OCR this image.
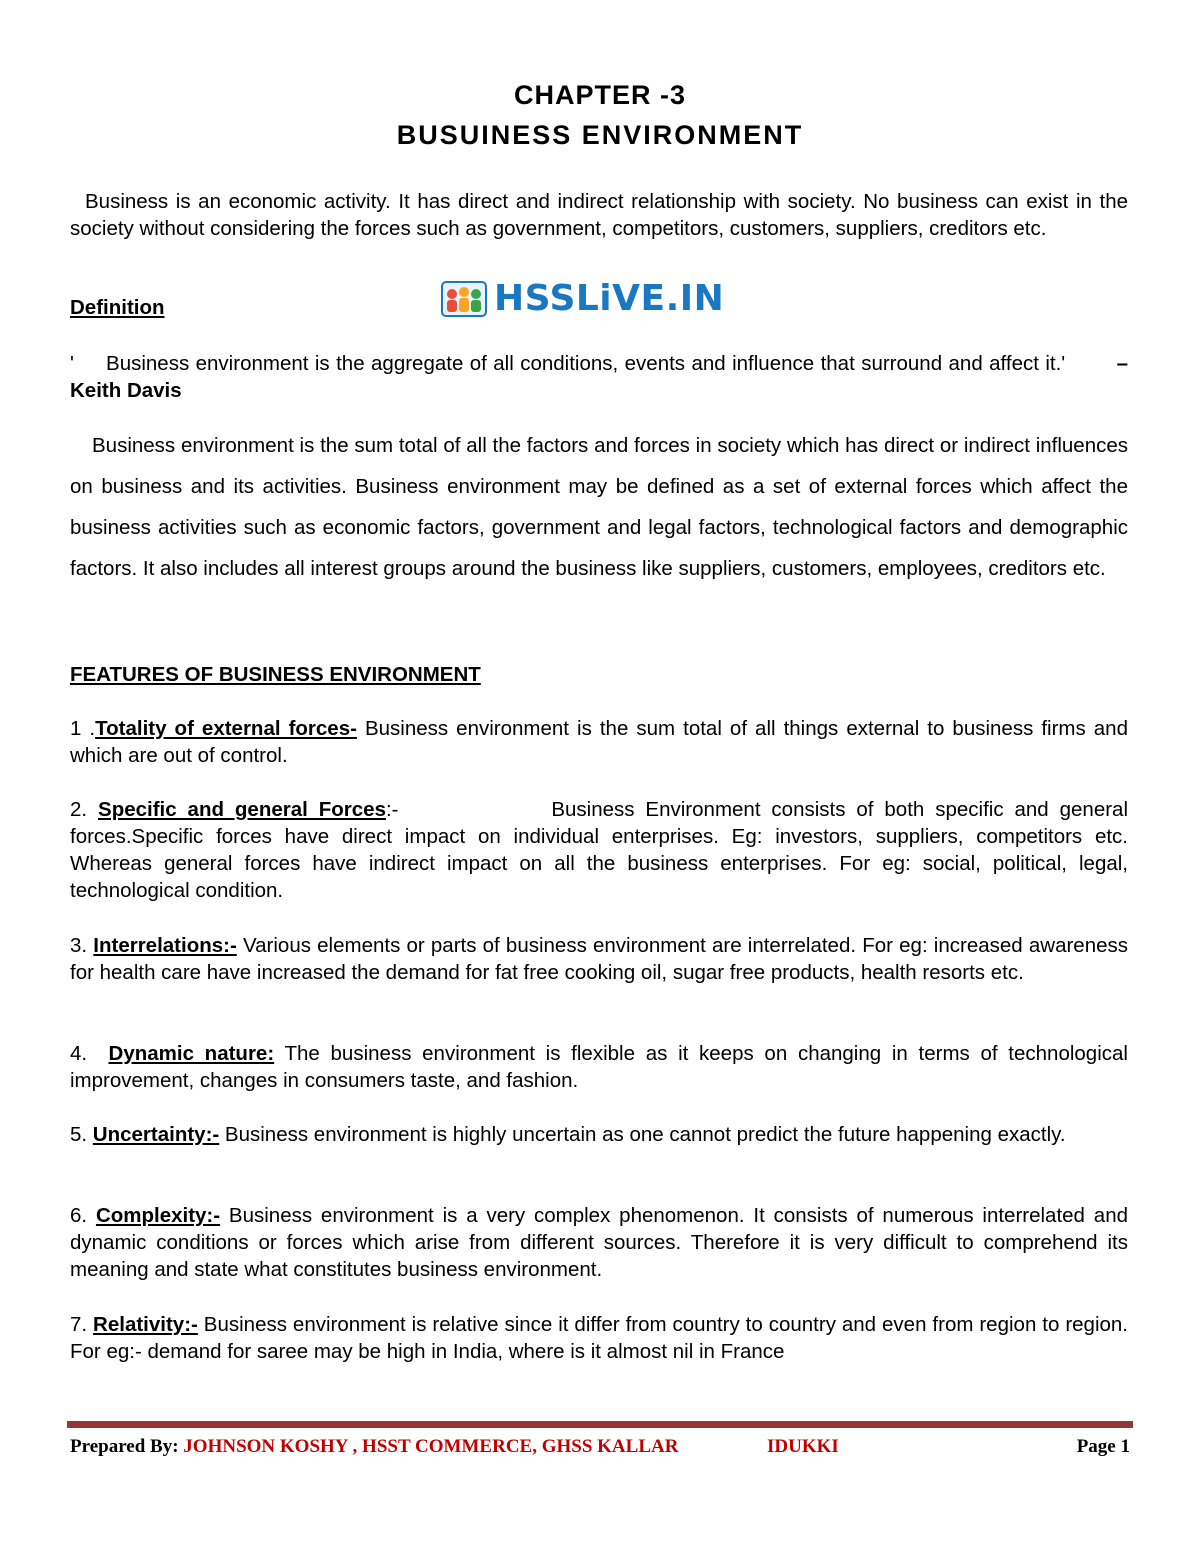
CHAPTER -3
BUSUINESS ENVIRONMENT
Business is an economic activity. It has direct and indirect relationship with society. No business can exist in the society without considering the forces such as government, competitors, customers, suppliers, creditors etc.
Definition	HSSLiVE.IN
'     Business environment is the aggregate of all conditions, events and influence that surround and affect it.'        – Keith Davis
Business environment is the sum total of all the factors and forces in society which has direct or indirect influences on business and its activities. Business environment may be defined as a set of external forces which affect the business activities such as economic factors, government and legal factors, technological factors and demographic factors. It also includes all interest groups around the business like suppliers, customers, employees, creditors etc.
FEATURES OF BUSINESS ENVIRONMENT
1 .Totality of external forces- Business environment is the sum total of all things external to business firms and which are out of control.
2. Specific and general Forces:-              Business Environment consists of both specific and general forces.Specific forces have direct impact on individual enterprises. Eg: investors, suppliers, competitors etc. Whereas general forces have indirect impact on all the business enterprises. For eg: social, political, legal, technological condition.
3. Interrelations:- Various elements or parts of business environment are interrelated. For eg: increased awareness for health care have increased the demand for fat free cooking oil, sugar free products, health resorts etc.
4.  Dynamic nature: The business environment is flexible as it keeps on changing in terms of technological improvement, changes in consumers taste, and fashion.
5. Uncertainty:- Business environment is highly uncertain as one cannot predict the future happening exactly.
6. Complexity:- Business environment is a very complex phenomenon. It consists of numerous interrelated and dynamic conditions or forces which arise from different sources. Therefore it is very difficult to comprehend its meaning and state what constitutes business environment.
7. Relativity:- Business environment is relative since it differ from country to country and even from region to region. For eg:- demand for saree may be high in India, where is it almost nil in France
Prepared By: JOHNSON KOSHY , HSST COMMERCE, GHSS KALLAR	IDUKKI	Page 1
